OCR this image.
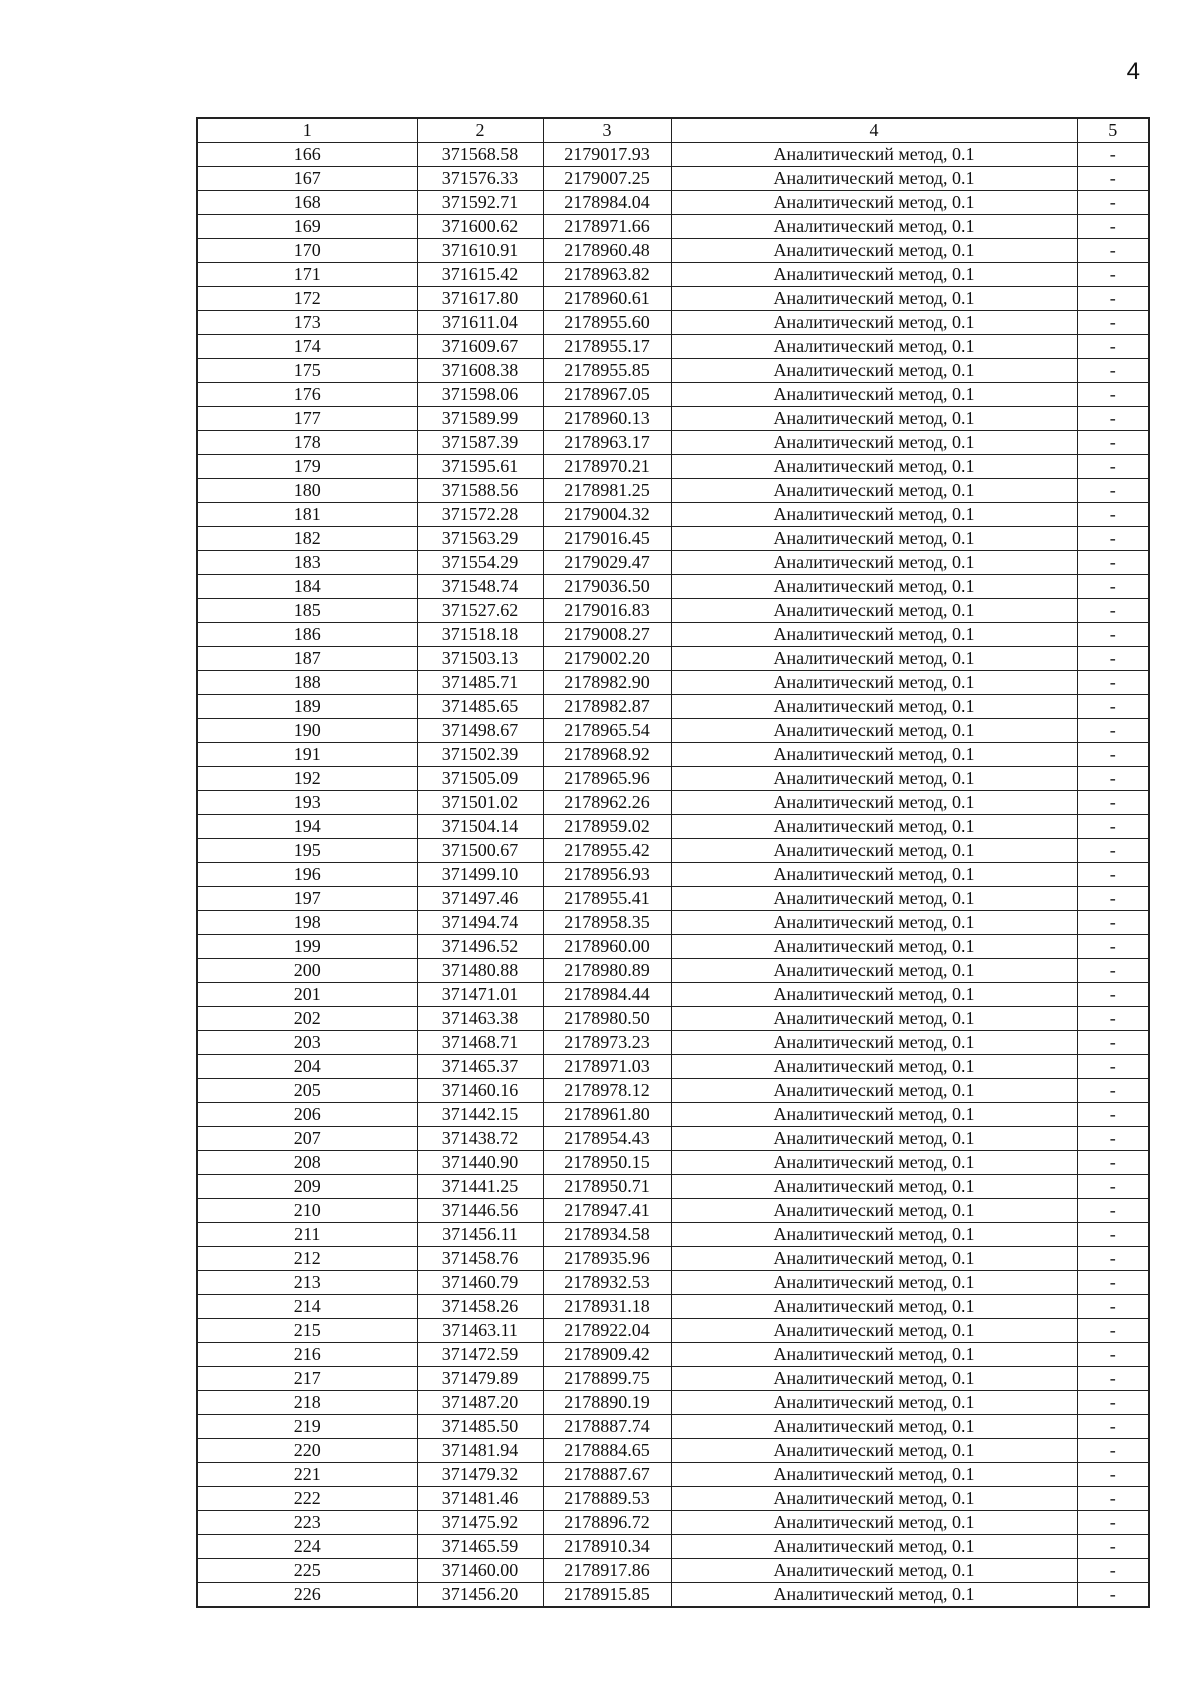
4
1	2	3	4	5
166	371568.58	2179017.93	Аналитический метод, 0.1	-
167	371576.33	2179007.25	Аналитический метод, 0.1	-
168	371592.71	2178984.04	Аналитический метод, 0.1	-
169	371600.62	2178971.66	Аналитический метод, 0.1	-
170	371610.91	2178960.48	Аналитический метод, 0.1	-
171	371615.42	2178963.82	Аналитический метод, 0.1	-
172	371617.80	2178960.61	Аналитический метод, 0.1	-
173	371611.04	2178955.60	Аналитический метод, 0.1	-
174	371609.67	2178955.17	Аналитический метод, 0.1	-
175	371608.38	2178955.85	Аналитический метод, 0.1	-
176	371598.06	2178967.05	Аналитический метод, 0.1	-
177	371589.99	2178960.13	Аналитический метод, 0.1	-
178	371587.39	2178963.17	Аналитический метод, 0.1	-
179	371595.61	2178970.21	Аналитический метод, 0.1	-
180	371588.56	2178981.25	Аналитический метод, 0.1	-
181	371572.28	2179004.32	Аналитический метод, 0.1	-
182	371563.29	2179016.45	Аналитический метод, 0.1	-
183	371554.29	2179029.47	Аналитический метод, 0.1	-
184	371548.74	2179036.50	Аналитический метод, 0.1	-
185	371527.62	2179016.83	Аналитический метод, 0.1	-
186	371518.18	2179008.27	Аналитический метод, 0.1	-
187	371503.13	2179002.20	Аналитический метод, 0.1	-
188	371485.71	2178982.90	Аналитический метод, 0.1	-
189	371485.65	2178982.87	Аналитический метод, 0.1	-
190	371498.67	2178965.54	Аналитический метод, 0.1	-
191	371502.39	2178968.92	Аналитический метод, 0.1	-
192	371505.09	2178965.96	Аналитический метод, 0.1	-
193	371501.02	2178962.26	Аналитический метод, 0.1	-
194	371504.14	2178959.02	Аналитический метод, 0.1	-
195	371500.67	2178955.42	Аналитический метод, 0.1	-
196	371499.10	2178956.93	Аналитический метод, 0.1	-
197	371497.46	2178955.41	Аналитический метод, 0.1	-
198	371494.74	2178958.35	Аналитический метод, 0.1	-
199	371496.52	2178960.00	Аналитический метод, 0.1	-
200	371480.88	2178980.89	Аналитический метод, 0.1	-
201	371471.01	2178984.44	Аналитический метод, 0.1	-
202	371463.38	2178980.50	Аналитический метод, 0.1	-
203	371468.71	2178973.23	Аналитический метод, 0.1	-
204	371465.37	2178971.03	Аналитический метод, 0.1	-
205	371460.16	2178978.12	Аналитический метод, 0.1	-
206	371442.15	2178961.80	Аналитический метод, 0.1	-
207	371438.72	2178954.43	Аналитический метод, 0.1	-
208	371440.90	2178950.15	Аналитический метод, 0.1	-
209	371441.25	2178950.71	Аналитический метод, 0.1	-
210	371446.56	2178947.41	Аналитический метод, 0.1	-
211	371456.11	2178934.58	Аналитический метод, 0.1	-
212	371458.76	2178935.96	Аналитический метод, 0.1	-
213	371460.79	2178932.53	Аналитический метод, 0.1	-
214	371458.26	2178931.18	Аналитический метод, 0.1	-
215	371463.11	2178922.04	Аналитический метод, 0.1	-
216	371472.59	2178909.42	Аналитический метод, 0.1	-
217	371479.89	2178899.75	Аналитический метод, 0.1	-
218	371487.20	2178890.19	Аналитический метод, 0.1	-
219	371485.50	2178887.74	Аналитический метод, 0.1	-
220	371481.94	2178884.65	Аналитический метод, 0.1	-
221	371479.32	2178887.67	Аналитический метод, 0.1	-
222	371481.46	2178889.53	Аналитический метод, 0.1	-
223	371475.92	2178896.72	Аналитический метод, 0.1	-
224	371465.59	2178910.34	Аналитический метод, 0.1	-
225	371460.00	2178917.86	Аналитический метод, 0.1	-
226	371456.20	2178915.85	Аналитический метод, 0.1	-
